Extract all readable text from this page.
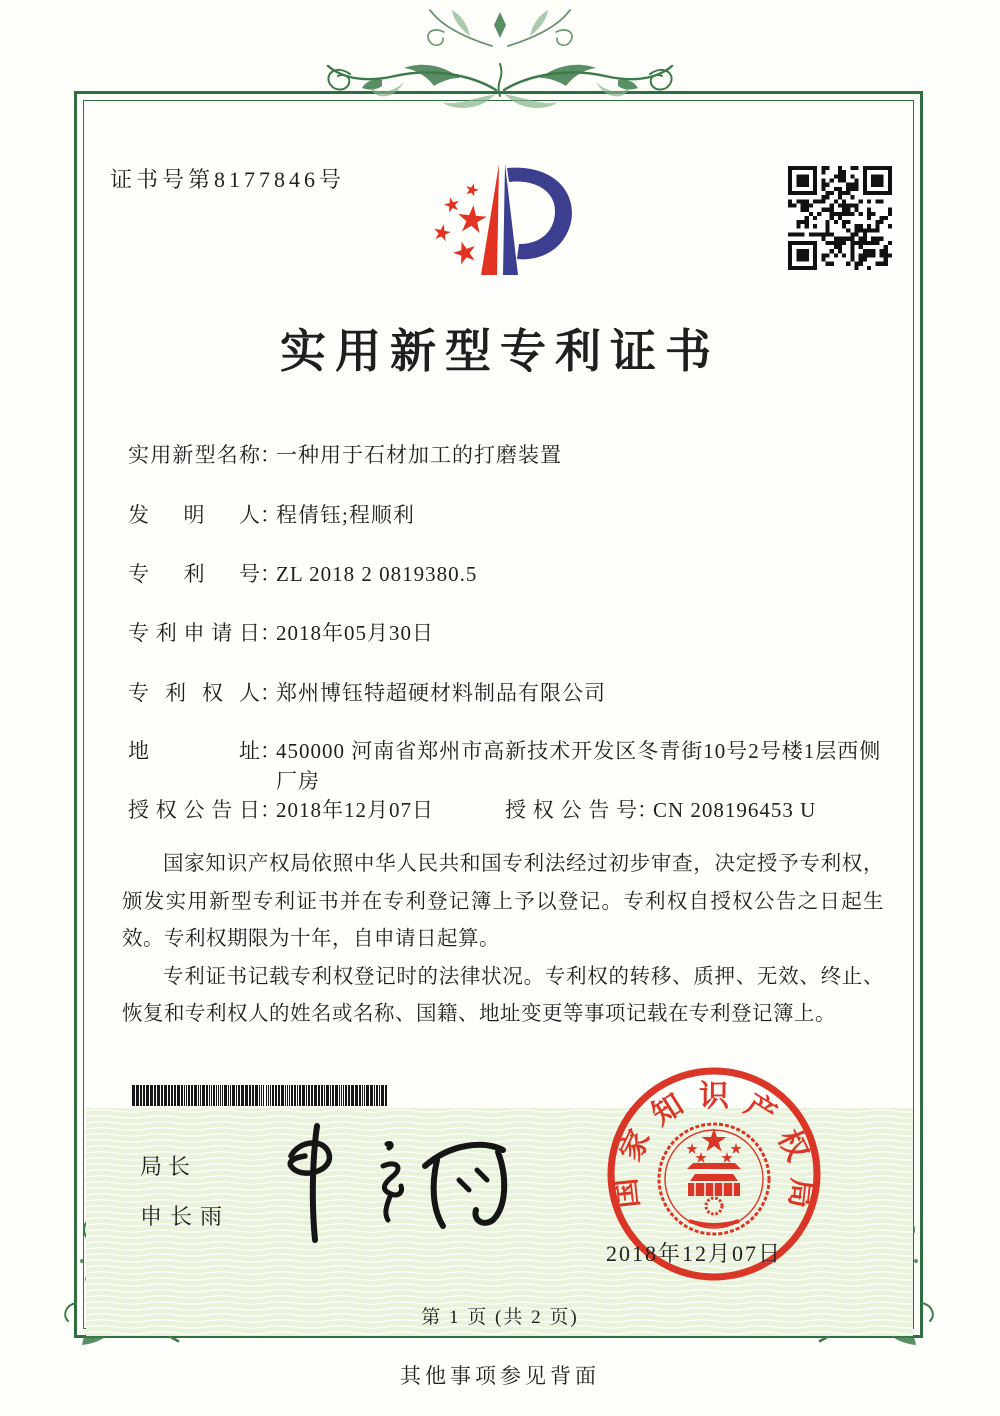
证书号第8177846号
实用新型专利证书
实用新型名称：一种用于石材加工的打磨装置
发明人：程倩钰;程顺利
专利号：ZL 2018 2 0819380.5
专利申请日：2018年05月30日
专利权人：郑州博钰特超硬材料制品有限公司
地址：450000 河南省郑州市高新技术开发区冬青街10号2号楼1层西侧厂房
授权公告日：2018年12月07日	授权公告号：CN 208196453 U

国家知识产权局依照中华人民共和国专利法经过初步审查，决定授予专利权，颁发实用新型专利证书并在专利登记簿上予以登记。专利权自授权公告之日起生效。专利权期限为十年，自申请日起算。

专利证书记载专利权登记时的法律状况。专利权的转移、质押、无效、终止、恢复和专利权人的姓名或名称、国籍、地址变更等事项记载在专利登记簿上。

局长
申长雨
国
家
知 识 产
权
局
2018年12月07日
第 1 页 (共 2 页)
其他事项参见背面
